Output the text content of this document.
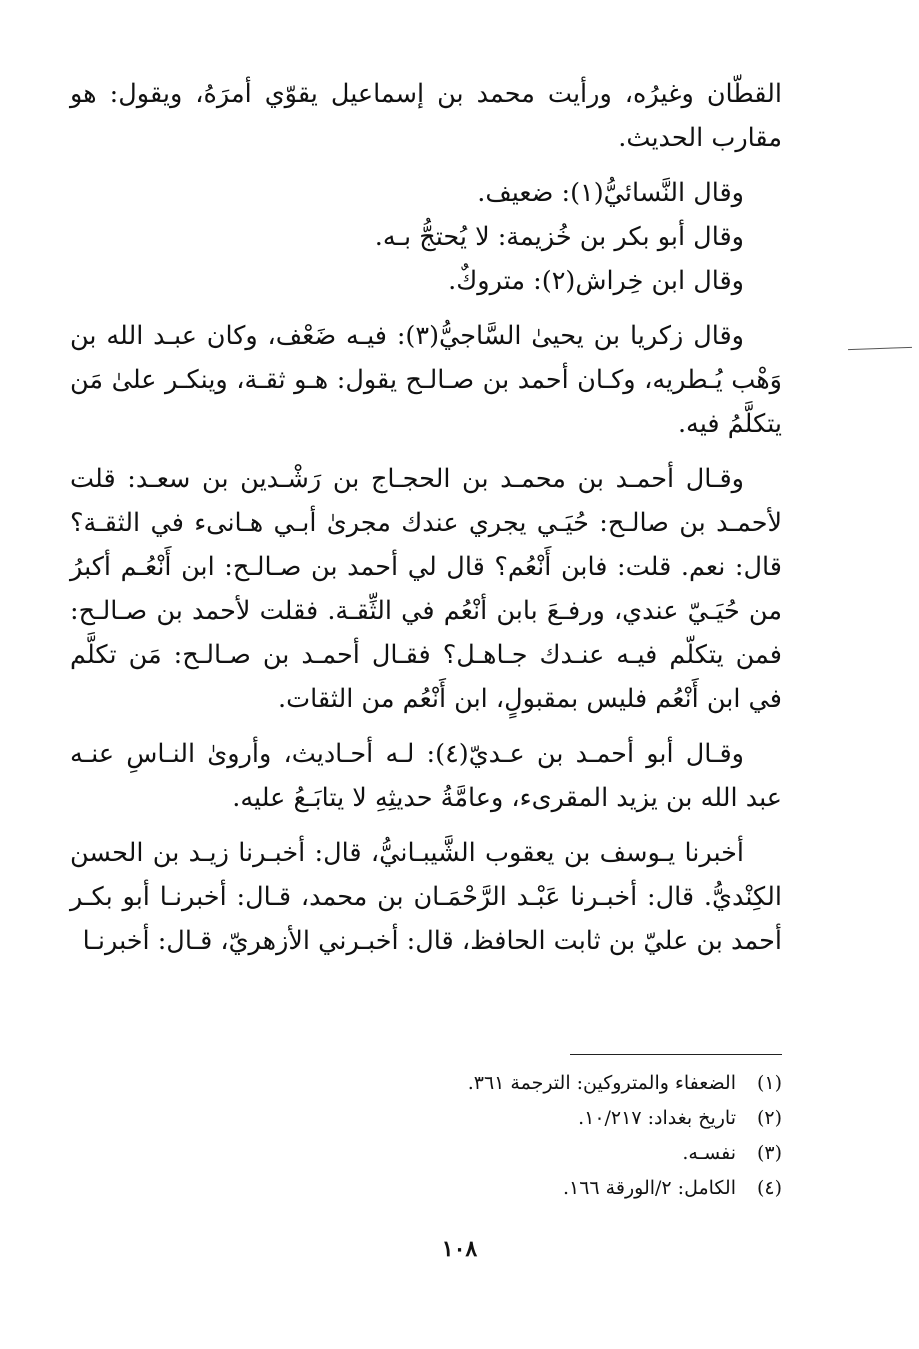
القطّان وغيرُه، ورأيت محمد بن إسماعيل يقوّي أمرَهُ، ويقول: هو مقارب الحديث.

وقال النَّسائيُّ(١): ضعيف.

وقال أبو بكر بن خُزيمة: لا يُحتجُّ بـه.

وقال ابن خِراش(٢): متروكٌ.

وقال زكريا بن يحيىٰ السَّاجيُّ(٣): فيـه ضَعْف، وكان عبـد الله بن وَهْب يُـطريه، وكـان أحمد بن صـالـح يقول: هـو ثقـة، وينكـر علىٰ مَن يتكلَّمُ فيه.

وقـال أحمـد بن محمـد بن الحجـاج بن رَشْـدين بن سعـد: قلت لأحمـد بن صالـح: حُيَـي يجري عندك مجرىٰ أبـي هـانىء في الثقـة؟ قال: نعم. قلت: فابن أَنْعُم؟ قال لي أحمد بن صـالـح: ابن أَنْعُـم أكبرُ من حُيَـيّ عندي، ورفـعَ بابن أنْعُم في الثِّقـة. فقلت لأحمد بن صـالـح: فمن يتكلّم فيـه عنـدك جـاهـل؟ فقـال أحمـد بن صـالـح: مَن تكلَّم في ابن أَنْعُم فليس بمقبولٍ، ابن أَنْعُم من الثقات.

وقـال أبو أحمـد بن عـديّ(٤): لـه أحـاديث، وأروىٰ النـاسِ عنـه عبد الله بن يزيد المقرىء، وعامَّةُ حديثِهِ لا يتابَـعُ عليه.

أخبرنا يـوسف بن يعقوب الشَّيبـانيُّ، قال: أخبـرنا زيـد بن الحسن الكِنْديُّ. قال: أخبـرنا عَبْـد الرَّحْمَـان بن محمد، قـال: أخبرنـا أبو بكـر أحمد بن عليّ بن ثابت الحافظ، قال: أخبـرني الأزهريّ، قـال: أخبرنـا

(١)
الضعفاء والمتروكين: الترجمة ٣٦١.
(٢)
تاريخ بغداد: ١٠/٢١٧.
(٣)
نفسـه.
(٤)
الكامل: ٢/الورقة ١٦٦.
١٠٨
